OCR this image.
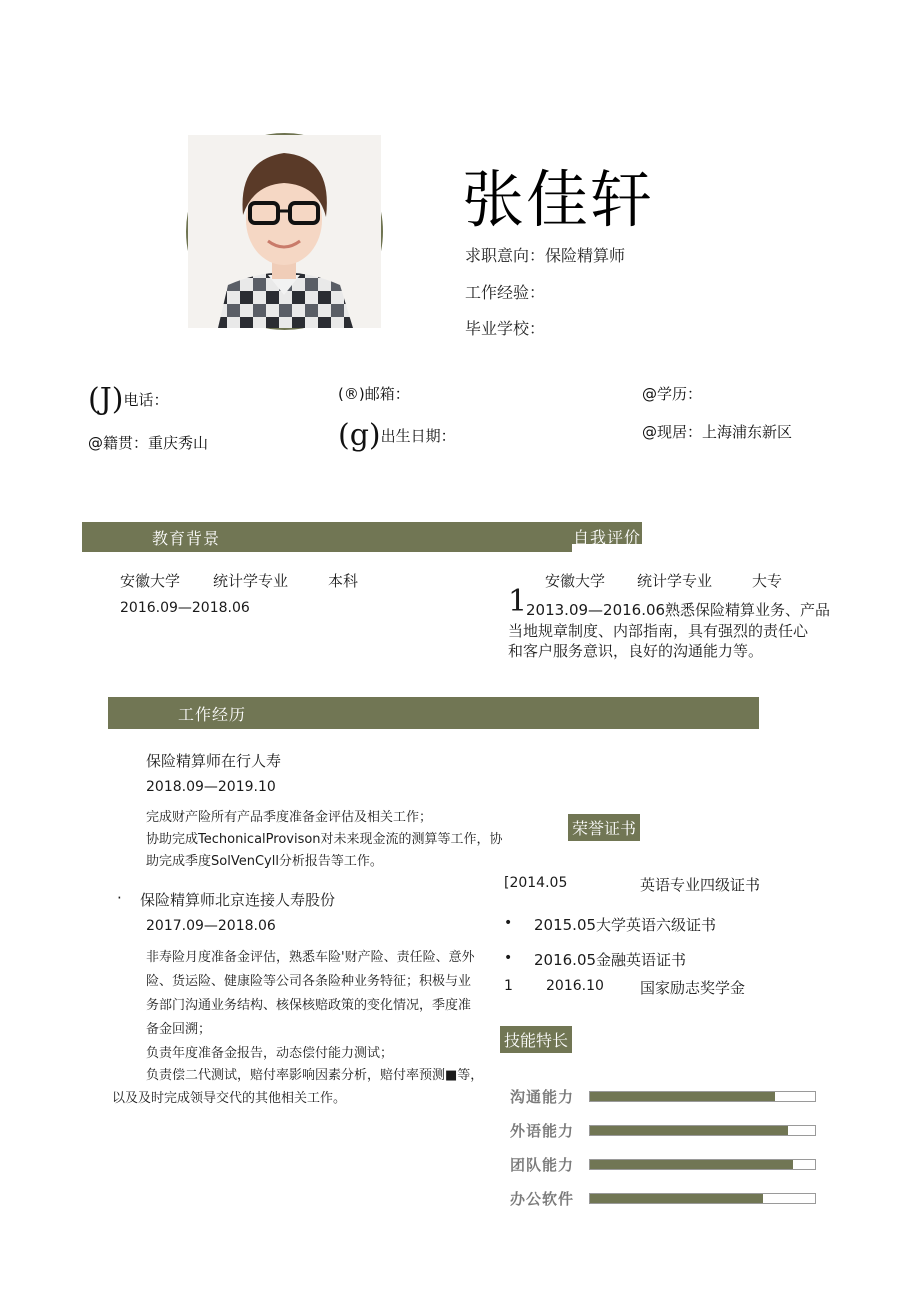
张佳轩
求职意向：保险精算师
工作经验：
毕业学校：
(J)电话：	(®)邮箱：	@学历：
@籍贯：重庆秀山	(g)出生日期：	@现居：上海浦东新区
教育背景	自我评价
安徽大学 统计学专业	本科
2016.09—2018.06
安徽大学 统计学专业	大专
1
2013.09—2016.06熟悉保险精算业务、产品
当地规章制度、内部指南，具有强烈的责任心
和客户服务意识，良好的沟通能力等。
工作经历
保险精算师在行人寿
2018.09—2019.10
完成财产险所有产品季度准备金评估及相关工作；
协助完成TechonicalProvison对未来现金流的测算等工作，协
助完成季度SolVenCyll分析报告等工作。
· 保险精算师北京连接人寿股份
2017.09—2018.06
非寿险月度准备金评估，熟悉车险'财产险、责任险、意外
险、货运险、健康险等公司各条险种业务特征；积极与业
务部门沟通业务结构、核保核赔政策的变化情况，季度准
备金回溯；
负责年度准备金报告，动态偿付能力测试；
负责偿二代测试，赔付率影响因素分析，赔付率预测■等，
以及及时完成领导交代的其他相关工作。
荣誉证书
[2014.05	英语专业四级证书
• 2015.05大学英语六级证书
• 2016.05金融英语证书
1 2016.10 国家励志奖学金
技能特长
沟通能力
外语能力
团队能力
办公软件
